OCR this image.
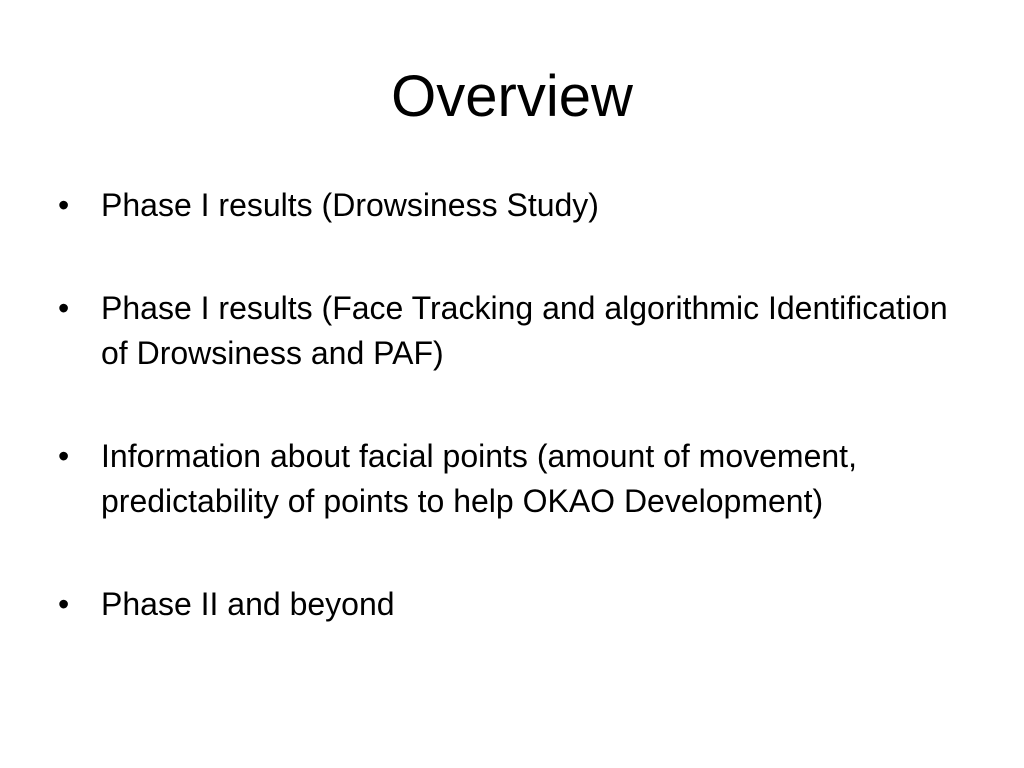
Overview
• Phase I results (Drowsiness Study)
• Phase I results (Face Tracking and algorithmic Identification of Drowsiness and PAF)
• Information about facial points (amount of movement, predictability of points to help OKAO Development)
• Phase II and beyond
